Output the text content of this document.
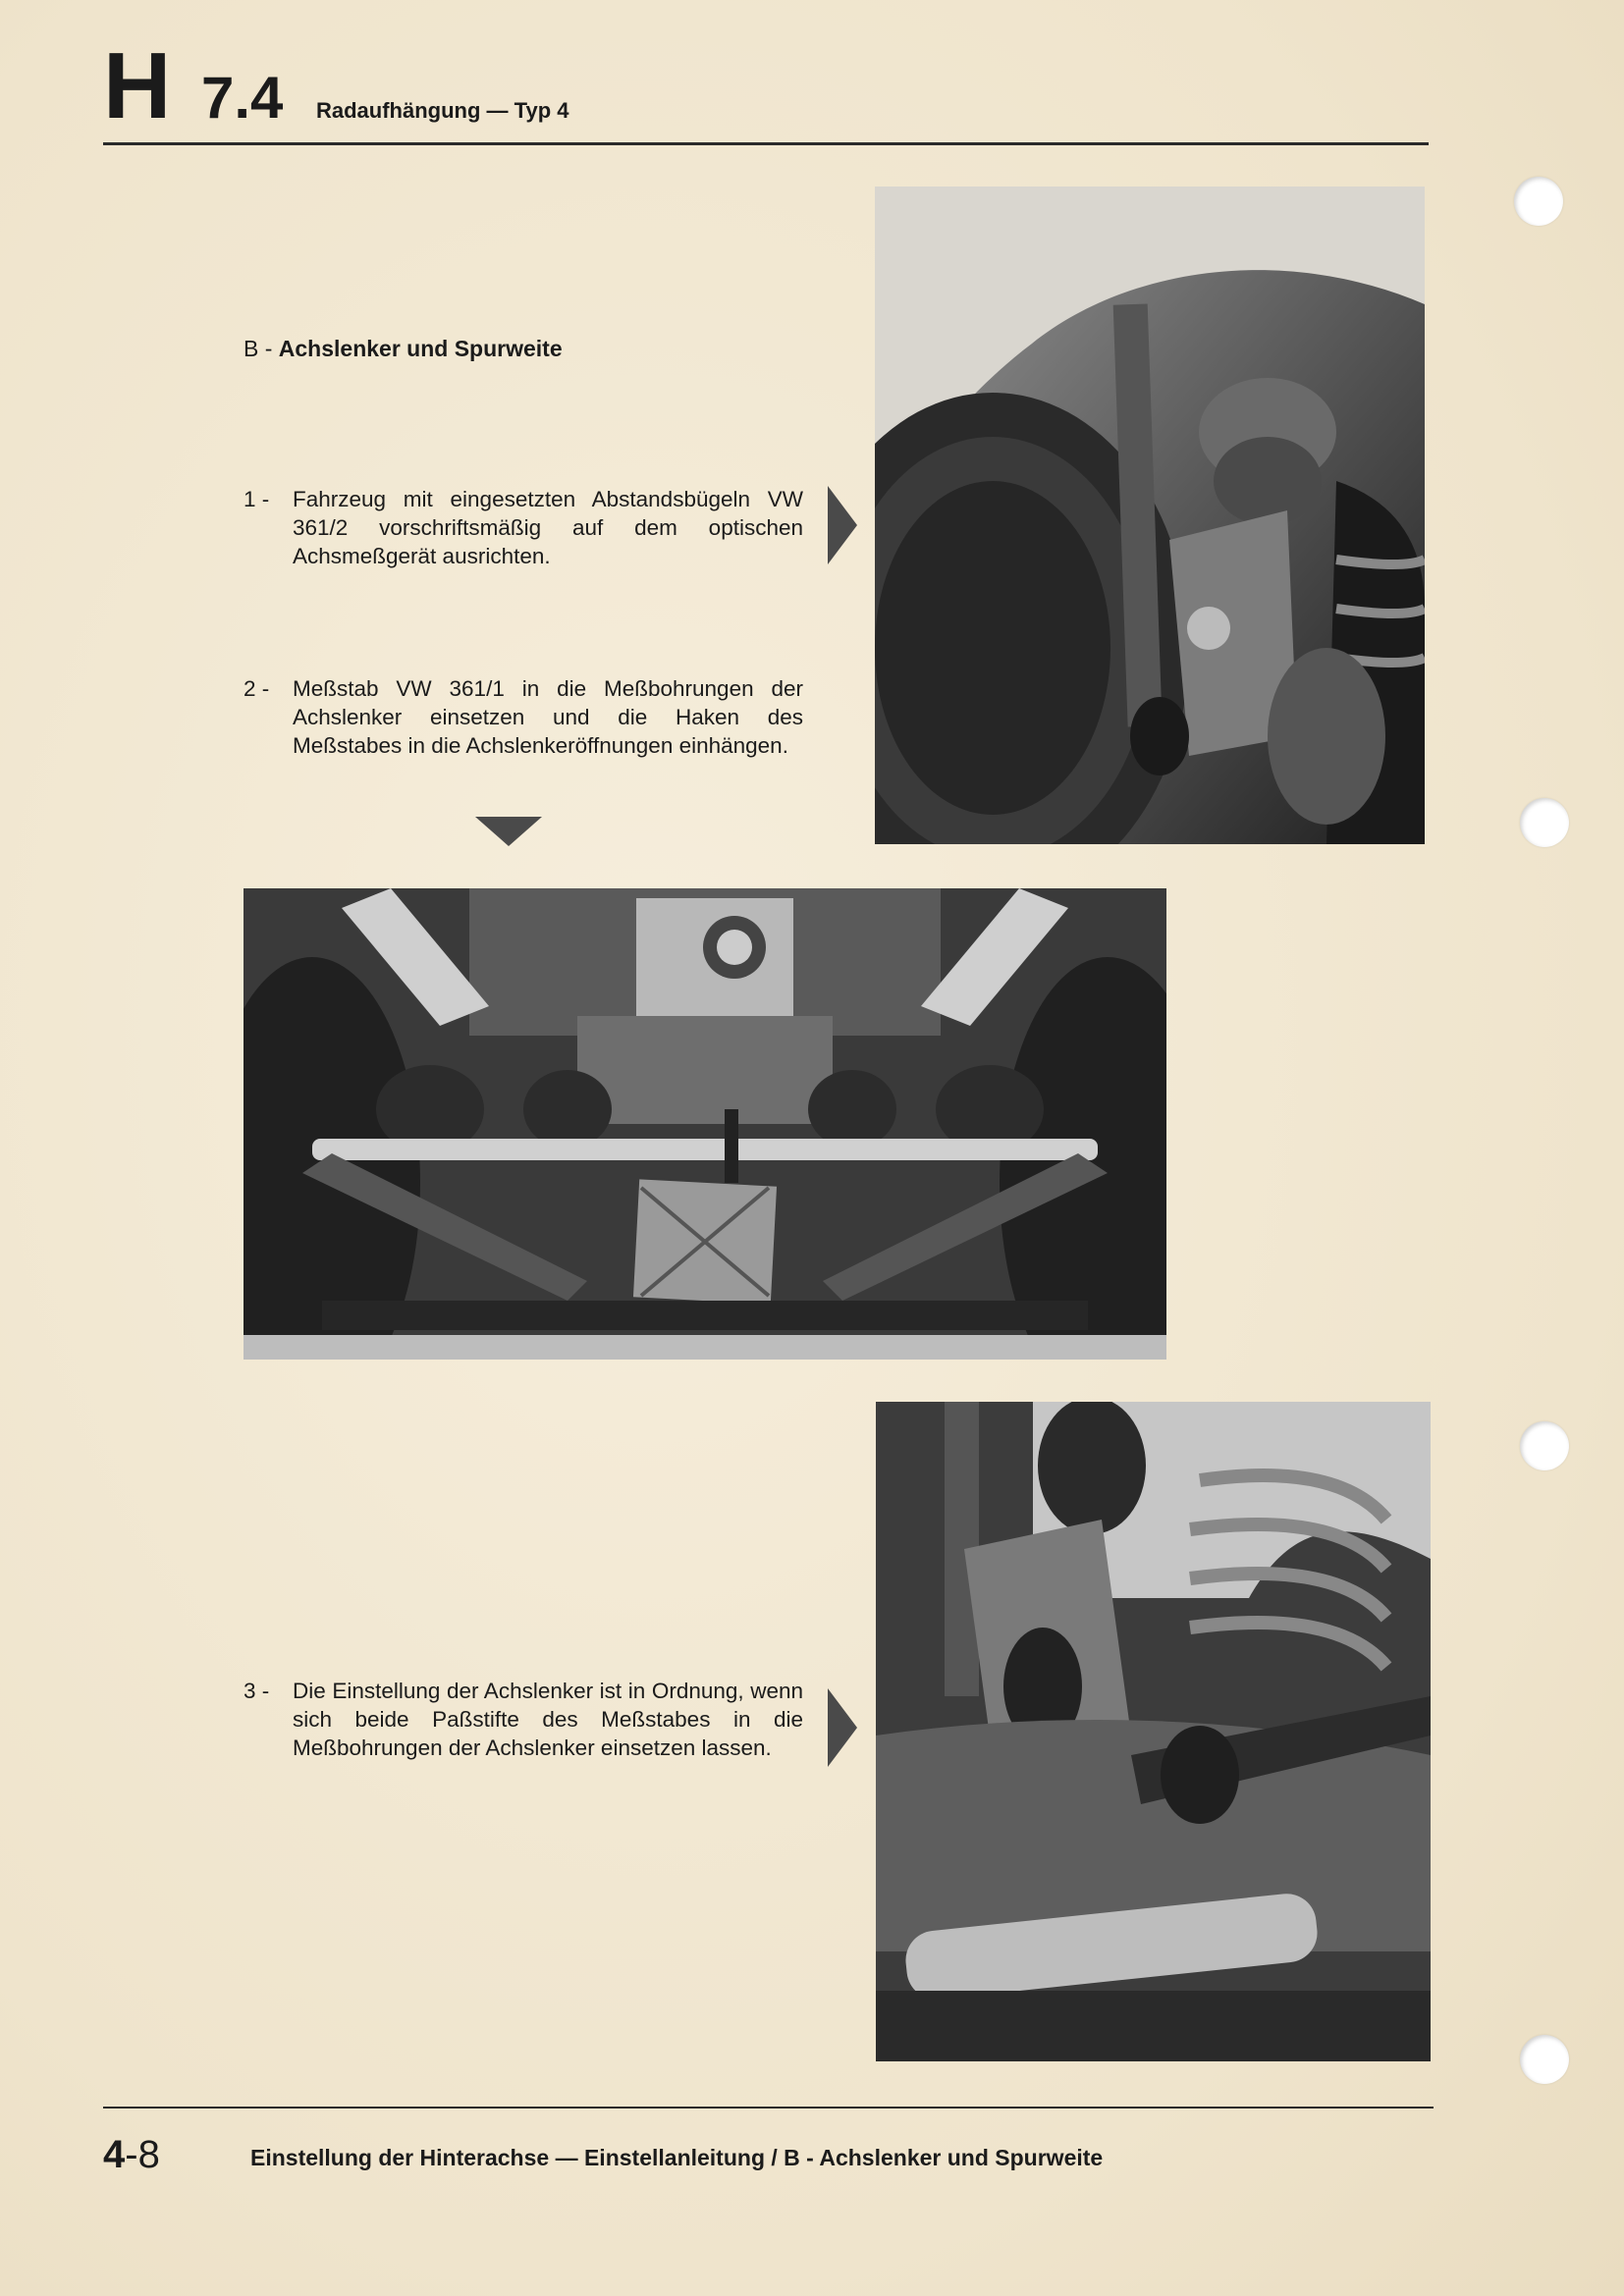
H 7.4 Radaufhängung — Typ 4
B - Achslenker und Spurweite
1 -	Fahrzeug mit eingesetzten Abstandsbügeln VW 361/2 vorschriftsmäßig auf dem optischen Achsmeßgerät ausrichten.
2 -	Meßstab VW 361/1 in die Meßbohrungen der Achslenker einsetzen und die Haken des Meßstabes in die Achslenkeröffnungen einhängen.
3 -	Die Einstellung der Achslenker ist in Ordnung, wenn sich beide Paßstifte des Meßstabes in die Meßbohrungen der Achslenker einsetzen lassen.
4-8	Einstellung der Hinterachse — Einstellanleitung / B - Achslenker und Spurweite
